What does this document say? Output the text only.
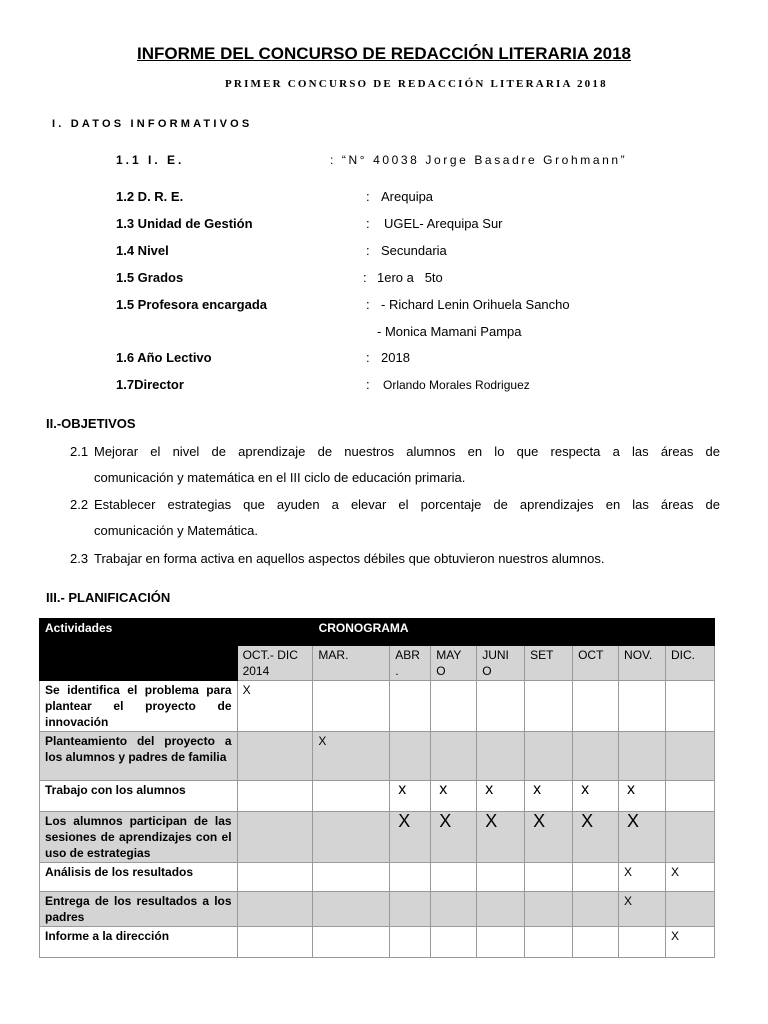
INFORME DEL CONCURSO DE REDACCIÓN LITERARIA 2018
PRIMER CONCURSO DE REDACCIÓN LITERARIA 2018
I. DATOS INFORMATIVOS
1.1 I. E.	: “N° 40038 Jorge Basadre Grohmann”
1.2 D. R. E.	: Arequipa
1.3 Unidad de Gestión	: UGEL- Arequipa Sur
1.4 Nivel	: Secundaria
1.5 Grados	: 1ero a   5to
1.5 Profesora encargada	: - Richard Lenin Orihuela Sancho
- Monica Mamani Pampa
1.6 Año Lectivo	: 2018
1.7Director	: Orlando Morales Rodriguez
II.-OBJETIVOS
2.1 Mejorar el nivel de aprendizaje de nuestros alumnos en lo que respecta a las áreas de
comunicación y matemática en el III ciclo de educación primaria.
2.2 Establecer estrategias que ayuden a elevar el porcentaje de aprendizajes en las áreas de
comunicación y Matemática.
2.3 Trabajar en forma activa en aquellos aspectos débiles que obtuvieron nuestros alumnos.
III.- PLANIFICACIÓN
Actividades	CRONOGRAMA								
	OCT.- DIC 2014	MAR.	ABR .	MAY O	JUNI O	SET	OCT	NOV.	DIC.
Se identifica el problema para plantear el proyecto de innovación	X								
Planteamiento del proyecto a los alumnos y padres de familia		X							
Trabajo con los alumnos			x	x	x	x	x	x	
Los alumnos participan de las sesiones de aprendizajes con el uso de estrategias			X	X	X	X	X	X	
Análisis de los resultados								X	X
Entrega de los resultados a los padres								X	
Informe a la dirección									X
